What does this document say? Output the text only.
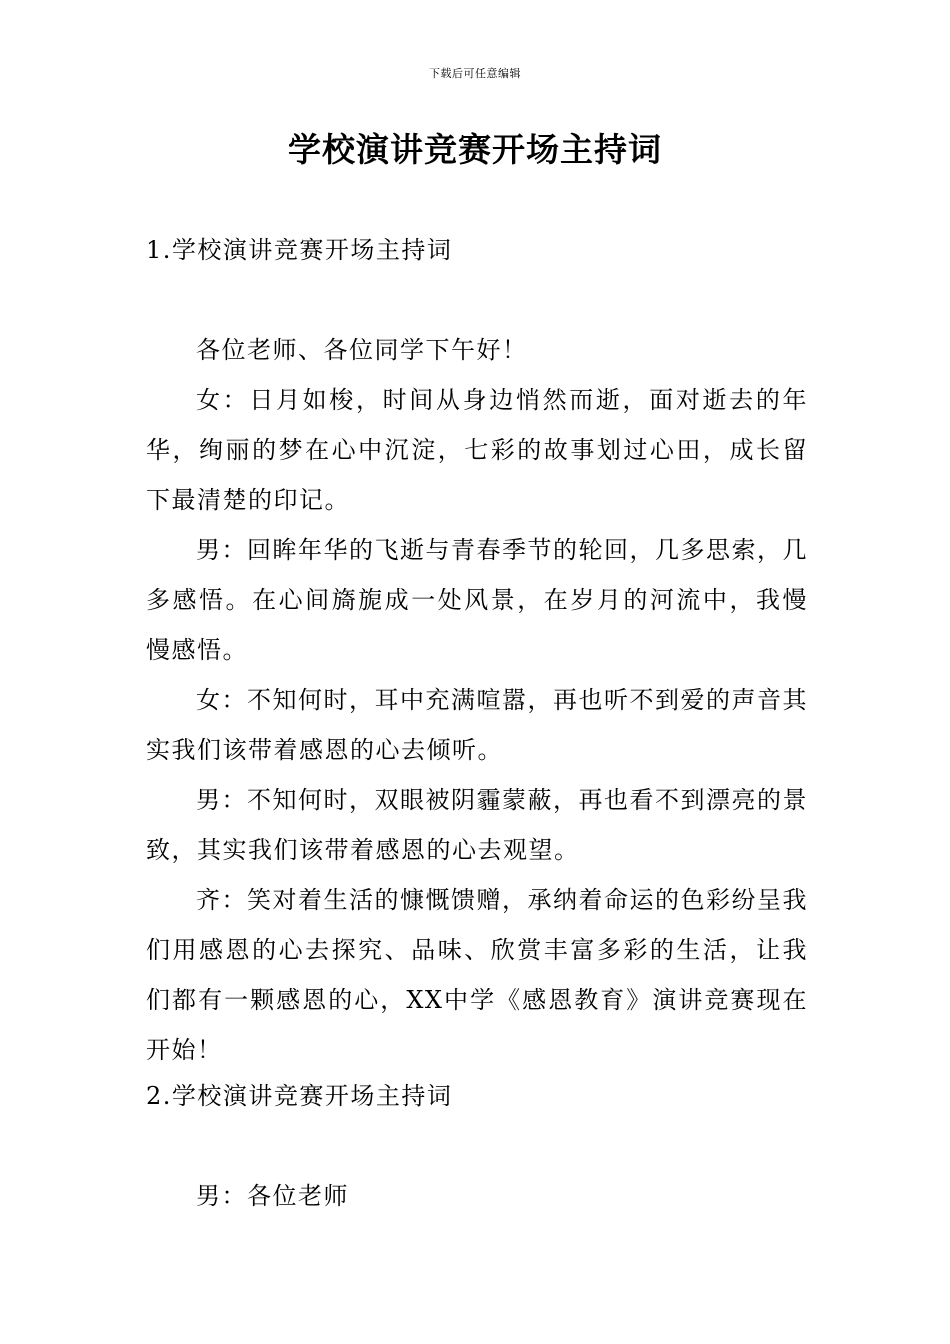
下载后可任意编辑
学校演讲竞赛开场主持词
1.学校演讲竞赛开场主持词

各位老师、各位同学下午好！

女：日月如梭，时间从身边悄然而逝，面对逝去的年华，绚丽的梦在心中沉淀，七彩的故事划过心田，成长留下最清楚的印记。

男：回眸年华的飞逝与青春季节的轮回，几多思索，几多感悟。在心间旖旎成一处风景，在岁月的河流中，我慢慢感悟。

女：不知何时，耳中充满喧嚣，再也听不到爱的声音其实我们该带着感恩的心去倾听。

男：不知何时，双眼被阴霾蒙蔽，再也看不到漂亮的景致，其实我们该带着感恩的心去观望。

齐：笑对着生活的慷慨馈赠，承纳着命运的色彩纷呈我们用感恩的心去探究、品味、欣赏丰富多彩的生活，让我们都有一颗感恩的心，XX中学《感恩教育》演讲竞赛现在开始！

2.学校演讲竞赛开场主持词

男：各位老师
